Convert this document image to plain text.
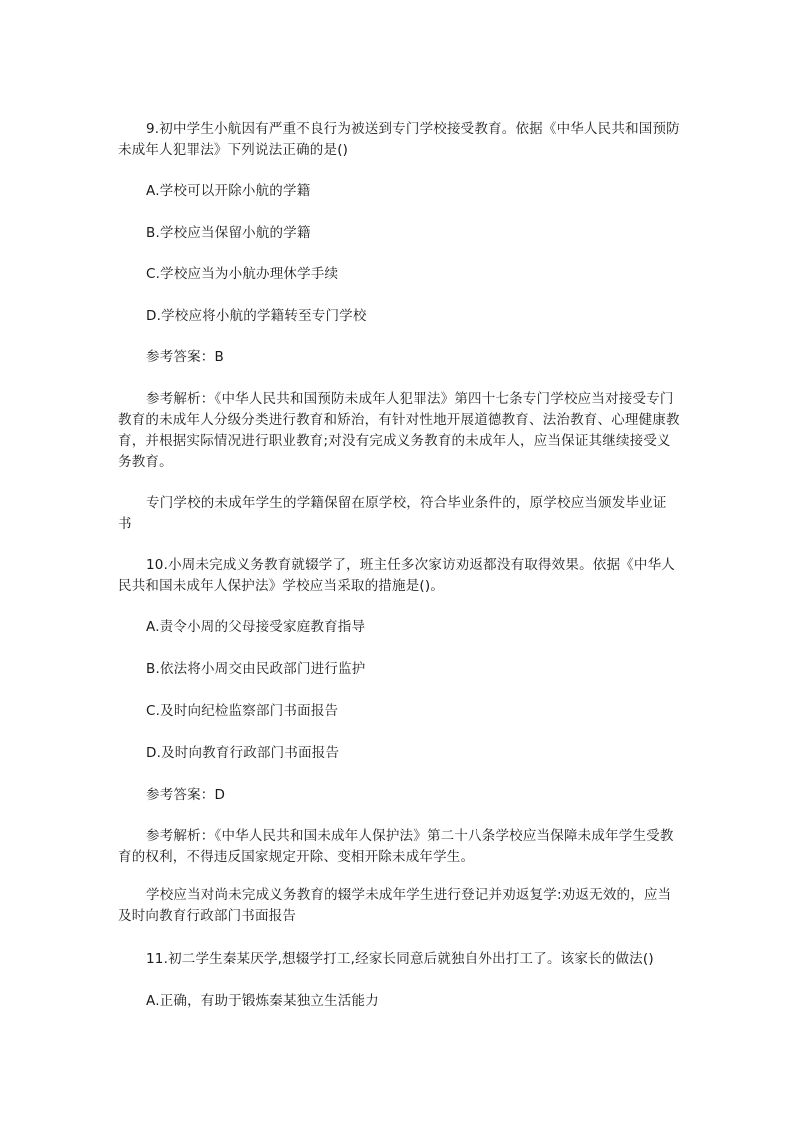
9.初中学生小航因有严重不良行为被送到专门学校接受教育。依据《中华人民共和国预防未成年人犯罪法》下列说法正确的是()
A.学校可以开除小航的学籍
B.学校应当保留小航的学籍
C.学校应当为小航办理休学手续
D.学校应将小航的学籍转至专门学校
参考答案：B
参考解析：《中华人民共和国预防未成年人犯罪法》第四十七条专门学校应当对接受专门教育的未成年人分级分类进行教育和矫治，有针对性地开展道德教育、法治教育、心理健康教育，并根据实际情况进行职业教育;对没有完成义务教育的未成年人，应当保证其继续接受义务教育。
专门学校的未成年学生的学籍保留在原学校，符合毕业条件的，原学校应当颁发毕业证书
10.小周未完成义务教育就辍学了，班主任多次家访劝返都没有取得效果。依据《中华人民共和国未成年人保护法》学校应当采取的措施是()。
A.责令小周的父母接受家庭教育指导
B.依法将小周交由民政部门进行监护
C.及时向纪检监察部门书面报告
D.及时向教育行政部门书面报告
参考答案：D
参考解析：《中华人民共和国未成年人保护法》第二十八条学校应当保障未成年学生受教育的权利，不得违反国家规定开除、变相开除未成年学生。
学校应当对尚未完成义务教育的辍学未成年学生进行登记并劝返复学:劝返无效的，应当及时向教育行政部门书面报告
11.初二学生秦某厌学,想辍学打工,经家长同意后就独自外出打工了。该家长的做法()
A.正确，有助于锻炼秦某独立生活能力
